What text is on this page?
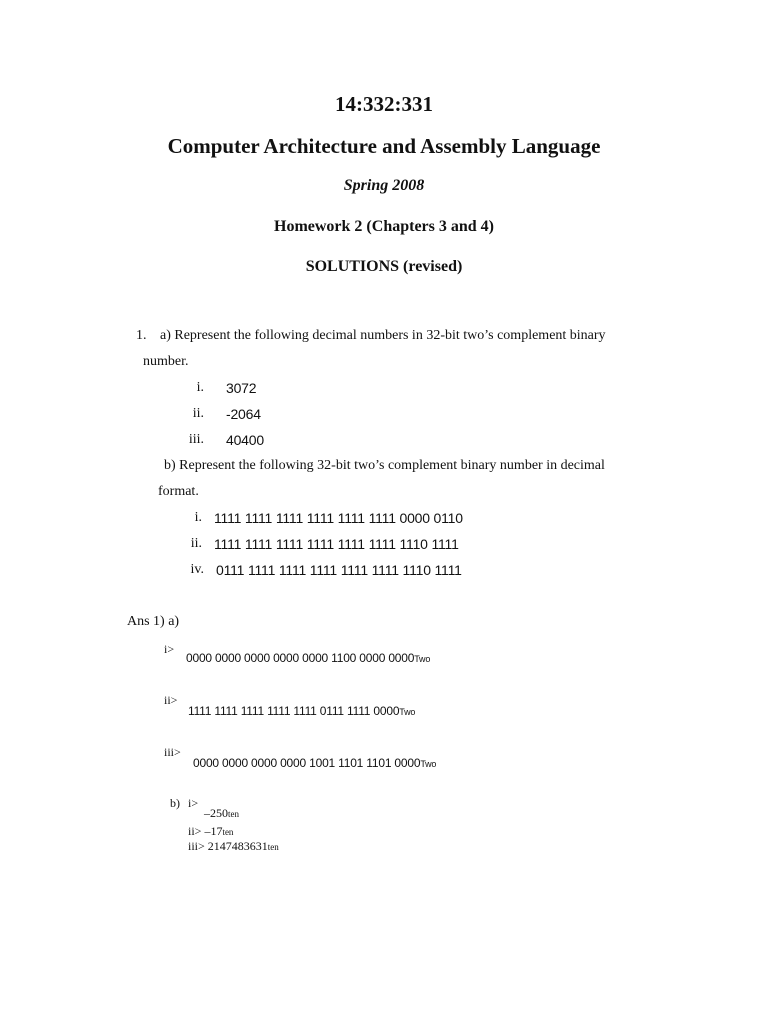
14:332:331
Computer Architecture and Assembly Language
Spring 2008
Homework 2 (Chapters 3 and 4)
SOLUTIONS (revised)
1. a) Represent the following decimal numbers in 32-bit two’s complement binary
number.
i. 3072
ii. -2064
iii. 40400
b) Represent the following 32-bit two’s complement binary number in decimal
format.
i. 1111 1111 1111 1111 1111 1111 0000 0110
ii. 1111 1111 1111 1111 1111 1111 1110 1111
iv. 0111 1111 1111 1111 1111 1111 1110 1111
Ans 1) a)
i>
0000 0000 0000 0000 0000 1100 0000 0000Two
ii>
1111 1111 1111 1111 1111 0111 1111 0000Two
iii>
0000 0000 0000 0000 1001 1101 1101 0000Two
b) i>
–250ten
ii> –17ten
iii> 2147483631ten
